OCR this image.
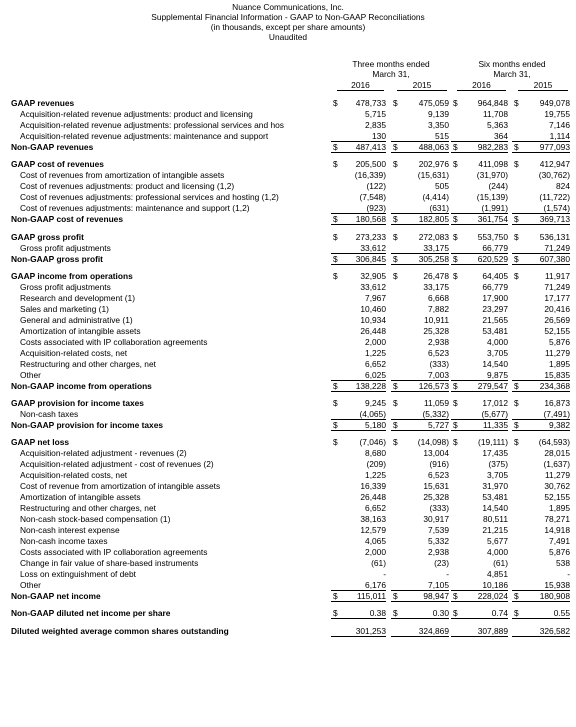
Nuance Communications, Inc.
Supplemental Financial Information - GAAP to Non-GAAP Reconciliations
(in thousands, except per share amounts)
Unaudited
Three months ended
March 31,
Six months ended
March 31,
2016	2015	2016	2015
GAAP revenues	$ 478,733 $	475,059 $ 964,848 $	949,078
Acquisition-related revenue adjustments: product and licensing	5,715	9,139	11,708	19,755
Acquisition-related revenue adjustments: professional services and hos	2,835	3,350	5,363	7,146
Acquisition-related revenue adjustments: maintenance and support	130	515	364	1,114
Non-GAAP revenues	$ 487,413 $	488,063 $ 982,283 $	977,093
GAAP cost of revenues	$ 205,500 $	202,976 $ 411,098 $	412,947
Cost of revenues from amortization of intangible assets	(16,339)	(15,631)	(31,970)	(30,762)
Cost of revenues adjustments: product and licensing (1,2)	(122)	505	(244)	824
Cost of revenues adjustments: professional services and hosting (1,2)	(7,548)	(4,414)	(15,139)	(11,722)
Cost of revenues adjustments: maintenance and support (1,2)	(923)	(631)	(1,991)	(1,574)
Non-GAAP cost of revenues	$ 180,568 $	182,805 $ 361,754 $	369,713
GAAP gross profit	$ 273,233 $	272,083 $ 553,750 $	536,131
Gross profit adjustments	33,612	33,175	66,779	71,249
Non-GAAP gross profit	$ 306,845 $	305,258 $ 620,529 $	607,380
GAAP income from operations	$	32,905 $	26,478 $	64,405 $	11,917
Gross profit adjustments	33,612	33,175	66,779	71,249
Research and development (1)	7,967	6,668	17,900	17,177
Sales and marketing (1)	10,460	7,882	23,297	20,416
General and administrative (1)	10,934	10,911	21,565	26,569
Amortization of intangible assets	26,448	25,328	53,481	52,155
Costs associated with IP collaboration agreements	2,000	2,938	4,000	5,876
Acquisition-related costs, net	1,225	6,523	3,705	11,279
Restructuring and other charges, net	6,652	(333)	14,540	1,895
Other	6,025	7,003	9,875	15,835
Non-GAAP income from operations	$ 138,228 $	126,573 $ 279,547 $	234,368
GAAP provision for income taxes	$	9,245 $	11,059 $	17,012 $	16,873
Non-cash taxes	(4,065)	(5,332)	(5,677)	(7,491)
Non-GAAP provision for income taxes	$	5,180 $	5,727 $	11,335 $	9,382
GAAP net loss	$	(7,046) $ (14,098) $ (19,111) $ (64,593)
Acquisition-related adjustment - revenues (2)	8,680	13,004	17,435	28,015
Acquisition-related adjustment - cost of revenues (2)	(209)	(916)	(375)	(1,637)
Acquisition-related costs, net	1,225	6,523	3,705	11,279
Cost of revenue from amortization of intangible assets	16,339	15,631	31,970	30,762
Amortization of intangible assets	26,448	25,328	53,481	52,155
Restructuring and other charges, net	6,652	(333)	14,540	1,895
Non-cash stock-based compensation (1)	38,163	30,917	80,511	78,271
Non-cash interest expense	12,579	7,539	21,215	14,918
Non-cash income taxes	4,065	5,332	5,677	7,491
Costs associated with IP collaboration agreements	2,000	2,938	4,000	5,876
Change in fair value of share-based instruments	(61)	(23)	(61)	538
Loss on extinguishment of debt	-	-	4,851	-
Other	6,176	7,105	10,186	15,938
Non-GAAP net income	$ 115,011 $	98,947 $ 228,024 $	180,908
Non-GAAP diluted net income per share	$	0.38 $	0.30 $	0.74 $	0.55
Diluted weighted average common shares outstanding	301,253	324,869	307,889	326,582
